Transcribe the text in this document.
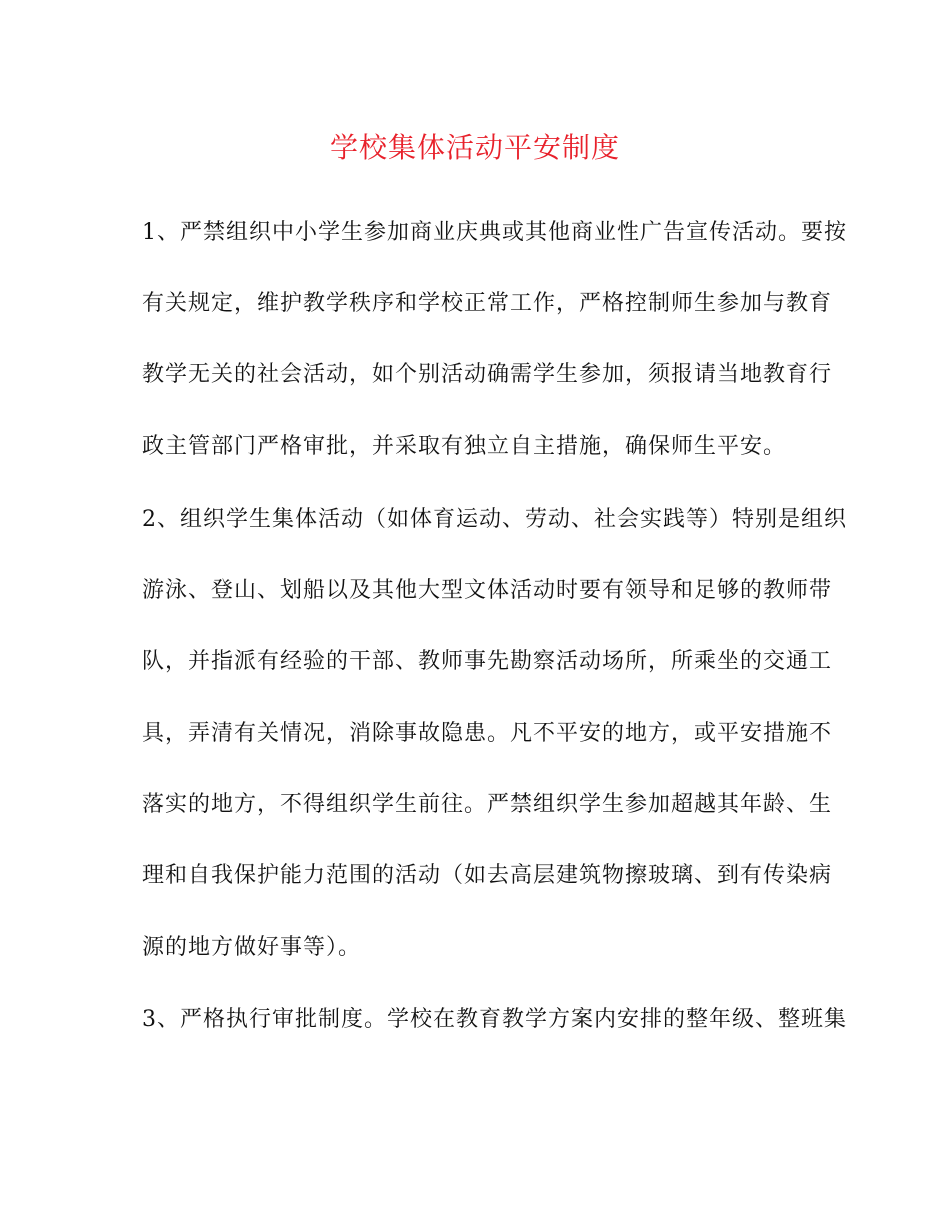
学校集体活动平安制度
1、严禁组织中小学生参加商业庆典或其他商业性广告宣传活动。要按
有关规定，维护教学秩序和学校正常工作，严格控制师生参加与教育
教学无关的社会活动，如个别活动确需学生参加，须报请当地教育行
政主管部门严格审批，并采取有独立自主措施，确保师生平安。
2、组织学生集体活动（如体育运动、劳动、社会实践等）特别是组织
游泳、登山、划船以及其他大型文体活动时要有领导和足够的教师带
队，并指派有经验的干部、教师事先勘察活动场所，所乘坐的交通工
具，弄清有关情况，消除事故隐患。凡不平安的地方，或平安措施不
落实的地方，不得组织学生前往。严禁组织学生参加超越其年龄、生
理和自我保护能力范围的活动（如去高层建筑物擦玻璃、到有传染病
源的地方做好事等）。
3、严格执行审批制度。学校在教育教学方案内安排的整年级、整班集
